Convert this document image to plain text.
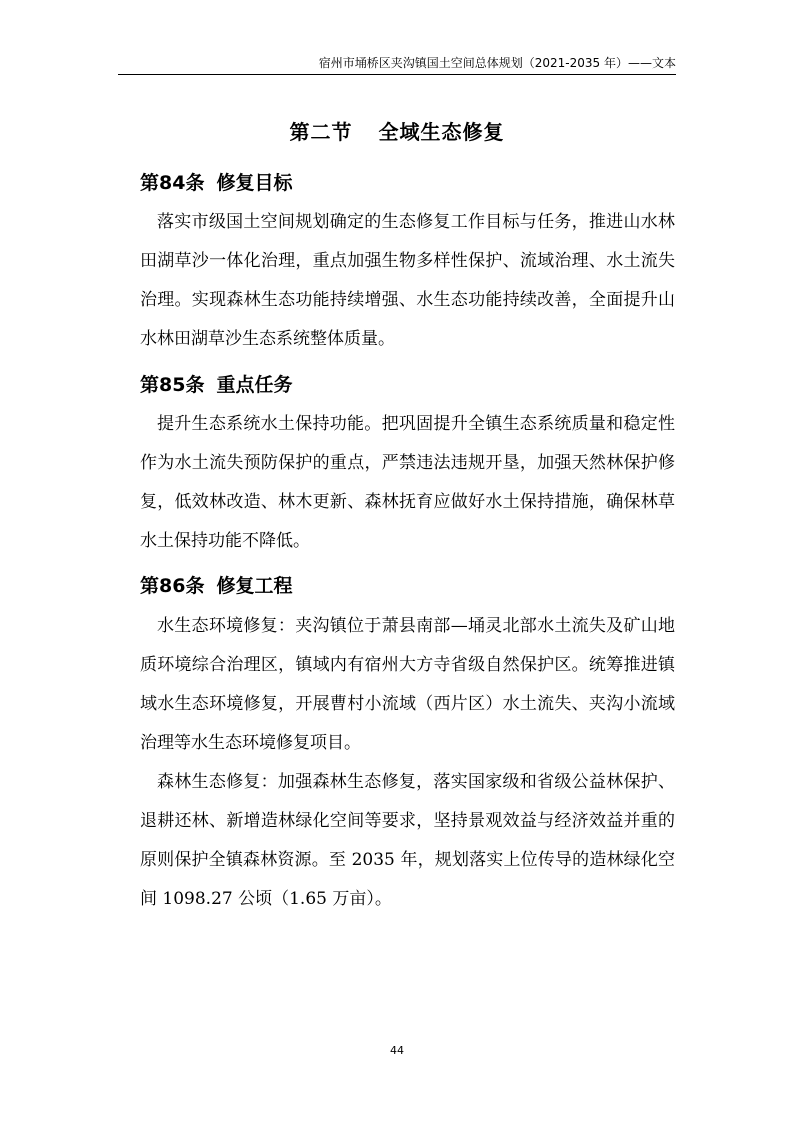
宿州市埇桥区夹沟镇国土空间总体规划（2021-2035 年）——文本
第二节 全域生态修复
第84条 修复目标

落实市级国土空间规划确定的生态修复工作目标与任务，推进山水林田湖草沙一体化治理，重点加强生物多样性保护、流域治理、水土流失治理。实现森林生态功能持续增强、水生态功能持续改善，全面提升山水林田湖草沙生态系统整体质量。

第85条 重点任务

提升生态系统水土保持功能。把巩固提升全镇生态系统质量和稳定性作为水土流失预防保护的重点，严禁违法违规开垦，加强天然林保护修复，低效林改造、林木更新、森林抚育应做好水土保持措施，确保林草水土保持功能不降低。

第86条 修复工程

水生态环境修复：夹沟镇位于萧县南部—埇灵北部水土流失及矿山地质环境综合治理区，镇域内有宿州大方寺省级自然保护区。统筹推进镇域水生态环境修复，开展曹村小流域（西片区）水土流失、夹沟小流域治理等水生态环境修复项目。

森林生态修复：加强森林生态修复，落实国家级和省级公益林保护、退耕还林、新增造林绿化空间等要求，坚持景观效益与经济效益并重的原则保护全镇森林资源。至 2035 年，规划落实上位传导的造林绿化空间 1098.27 公顷（1.65 万亩）。

44
